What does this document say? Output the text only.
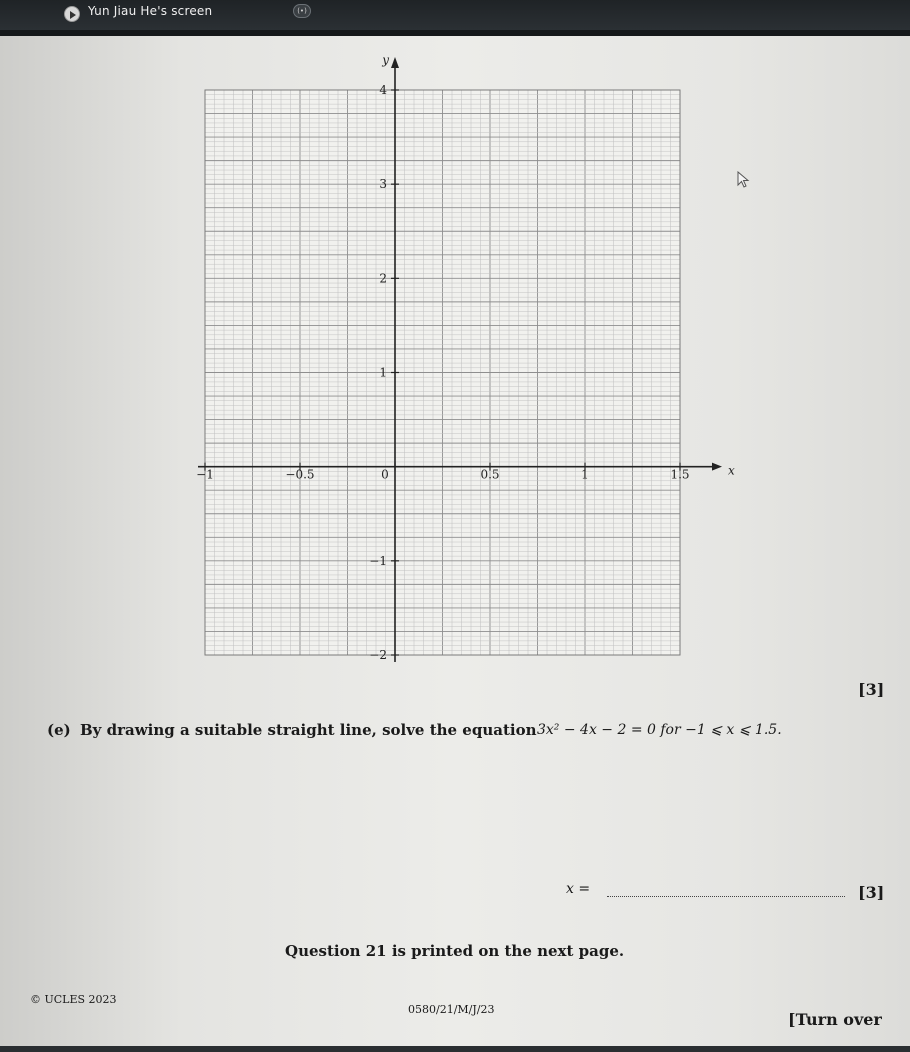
Yun Jiau He's screen	(•)
x
y
−1	−0.5	0	0.5	1	1.5
4
3
2
1
−1
−2
[3]
(e) By drawing a suitable straight line, solve the equation 3x² − 4x − 2 = 0 for −1 ⩽ x ⩽ 1.5.
x =	[3]
Question 21 is printed on the next page.
© UCLES 2023
0580/21/M/J/23
[Turn over
